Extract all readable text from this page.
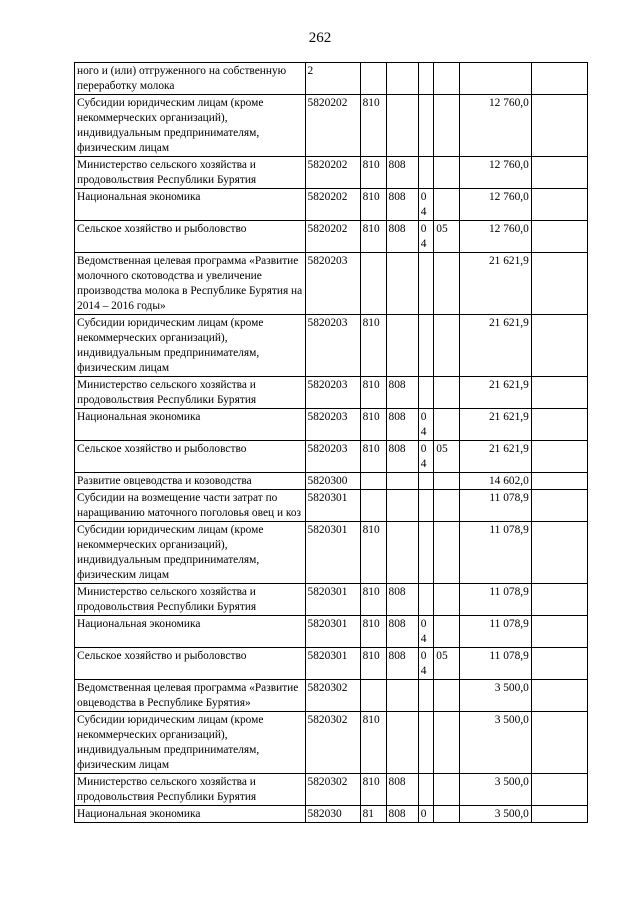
262
ного и (или) отгруженного на собственную переработку молока	2						
Субсидии юридическим лицам (кроме некоммерческих организаций), индивидуальным предпринимателям, физическим лицам	5820202	810				12 760,0	
Министерство сельского хозяйства и продовольствия Республики Бурятия	5820202	810	808			12 760,0	
Национальная экономика	5820202	810	808	04		12 760,0	
Сельское хозяйство и рыболовство	5820202	810	808	04	05	12 760,0	
Ведомственная целевая программа «Развитие молочного скотоводства и увеличение производства молока в Республике Бурятия на 2014 – 2016 годы»	5820203					21 621,9	
Субсидии юридическим лицам (кроме некоммерческих организаций), индивидуальным предпринимателям, физическим лицам	5820203	810				21 621,9	
Министерство сельского хозяйства и продовольствия Республики Бурятия	5820203	810	808			21 621,9	
Национальная экономика	5820203	810	808	04		21 621,9	
Сельское хозяйство и рыболовство	5820203	810	808	04	05	21 621,9	
Развитие овцеводства и козоводства	5820300					14 602,0	
Субсидии на возмещение части затрат по наращиванию маточного поголовья овец и коз	5820301					11 078,9	
Субсидии юридическим лицам (кроме некоммерческих организаций), индивидуальным предпринимателям, физическим лицам	5820301	810				11 078,9	
Министерство сельского хозяйства и продовольствия Республики Бурятия	5820301	810	808			11 078,9	
Национальная экономика	5820301	810	808	04		11 078,9	
Сельское хозяйство и рыболовство	5820301	810	808	04	05	11 078,9	
Ведомственная целевая программа «Развитие овцеводства в Республике Бурятия»	5820302					3 500,0	
Субсидии юридическим лицам (кроме некоммерческих организаций), индивидуальным предпринимателям, физическим лицам	5820302	810				3 500,0	
Министерство сельского хозяйства и продовольствия Республики Бурятия	5820302	810	808			3 500,0	
Национальная экономика	582030	81	808	0		3 500,0	
